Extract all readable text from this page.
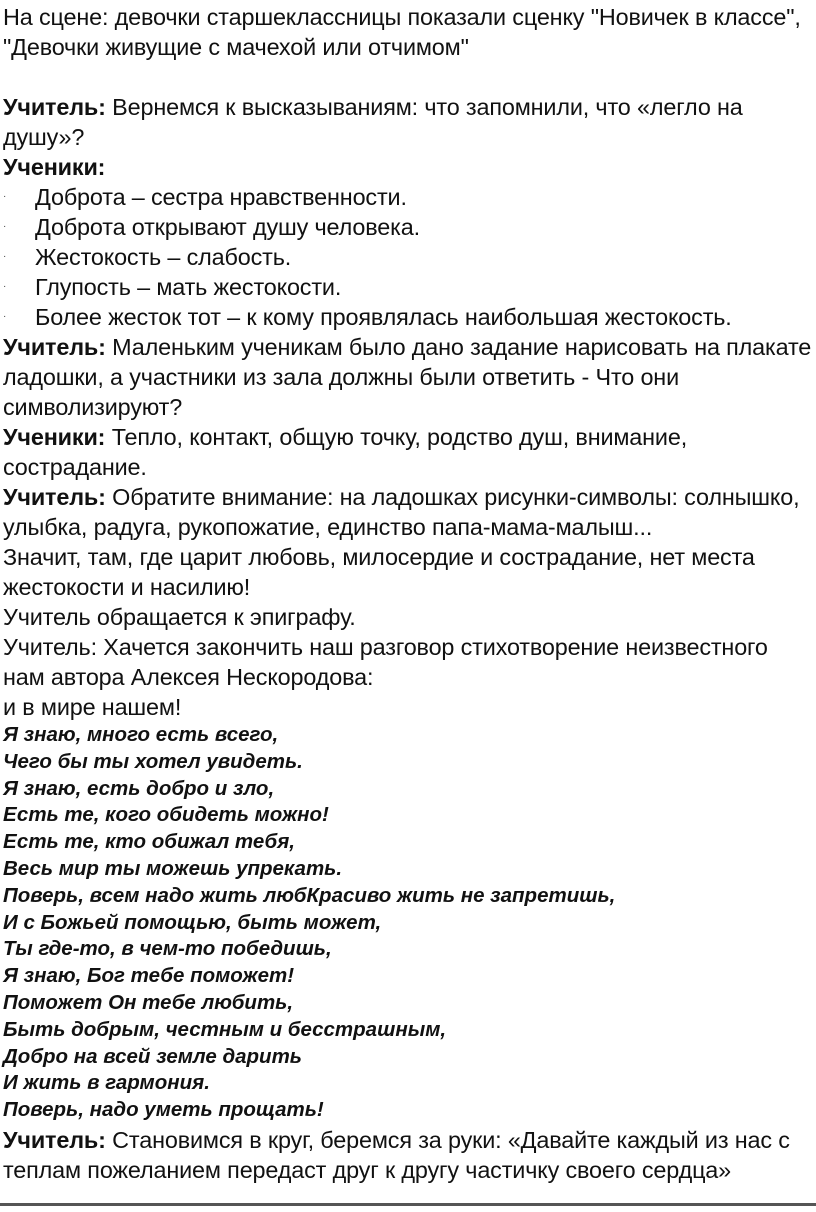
На сцене: девочки старшеклассницы показали сценку "Новичек в классе", "Девочки живущие с мачехой или отчимом"

Учитель: Вернемся к высказываниям: что запомнили, что «легло на душу»?

Ученики:

· Доброта – сестра нравственности.
· Доброта открывают душу человека.
· Жестокость – слабость.
· Глупость – мать жестокости.
· Более жесток тот – к кому проявлялась наибольшая жестокость.

Учитель: Маленьким ученикам было дано задание нарисовать на плакате ладошки, а участники из зала должны были ответить - Что они символизируют?

Ученики: Тепло, контакт, общую точку, родство душ, внимание, сострадание.

Учитель: Обратите внимание: на ладошках рисунки-символы: солнышко, улыбка, радуга, рукопожатие, единство папа-мама-малыш...

Значит, там, где царит любовь, милосердие и сострадание, нет места жестокости и насилию!

Учитель обращается к эпиграфу.

Учитель: Хачется закончить наш разговор стихотворение неизвестного нам автора Алексея Нескородова:

и в мире нашем!

Я знаю, много есть всего,

Чего бы ты хотел увидеть.

Я знаю, есть добро и зло,

Есть те, кого обидеть можно!

Есть те, кто обижал тебя,

Весь мир ты можешь упрекать.

Поверь, всем надо жить любКрасиво жить не запретишь,

И с Божьей помощью, быть может,

Ты где-то, в чем-то победишь,

Я знаю, Бог тебе поможет!

Поможет Он тебе любить,

Быть добрым, честным и бесстрашным,

Добро на всей земле дарить

И жить в гармония.

Поверь, надо уметь прощать!

Учитель: Становимся в круг, беремся за руки: «Давайте каждый из нас с теплам пожеланием передаст друг к другу частичку своего сердца»
